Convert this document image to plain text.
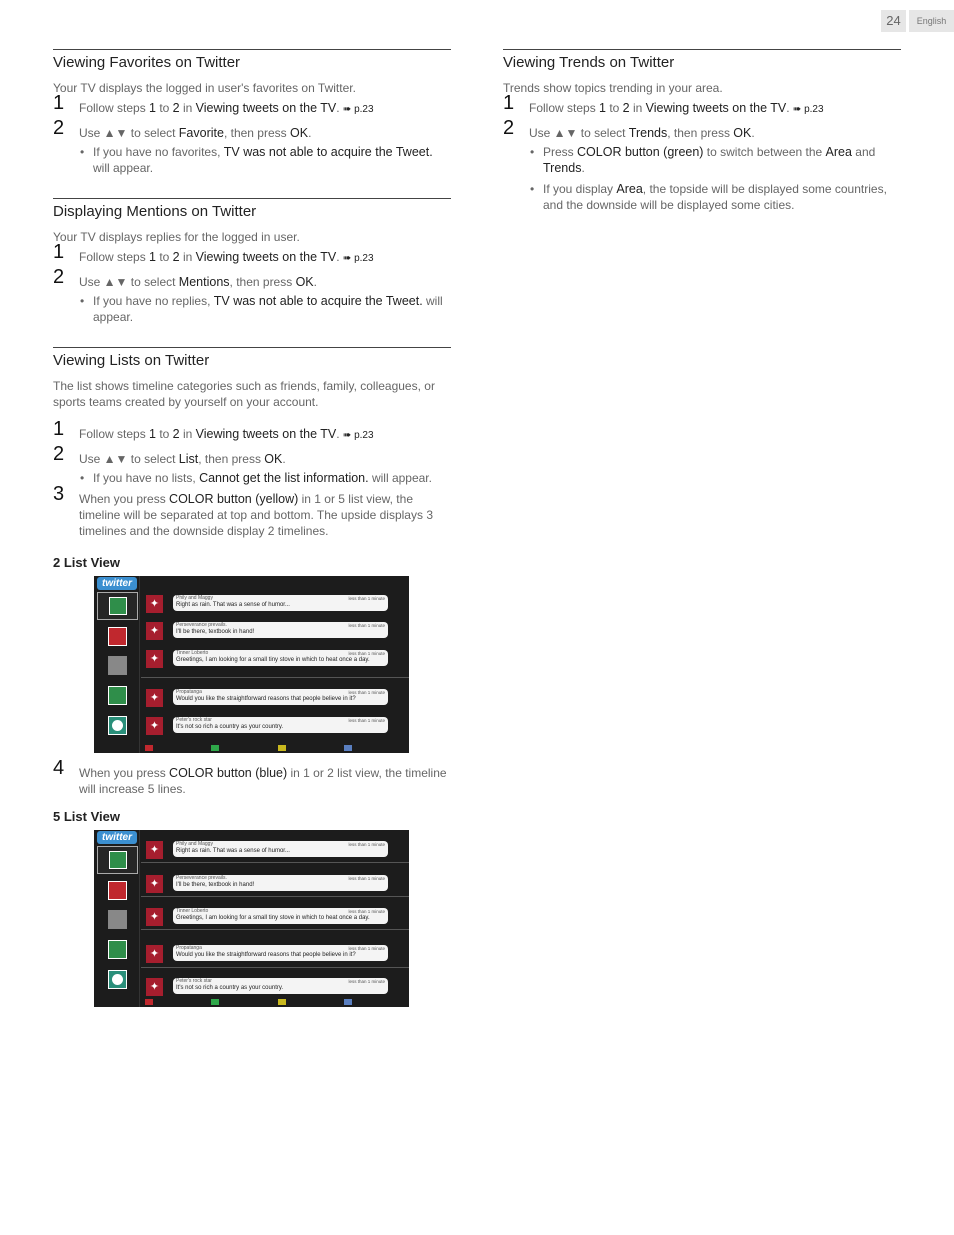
24	English
Viewing Favorites on Twitter

Your TV displays the logged in user's favorites on Twitter.

1 Follow steps 1 to 2 in Viewing tweets on the TV. ➠ p.23
2 Use ▲▼ to select Favorite, then press OK.
• If you have no favorites, TV was not able to acquire the Tweet. will appear.
Displaying Mentions on Twitter

Your TV displays replies for the logged in user.

1 Follow steps 1 to 2 in Viewing tweets on the TV. ➠ p.23
2 Use ▲▼ to select Mentions, then press OK.
• If you have no replies, TV was not able to acquire the Tweet. will appear.
Viewing Lists on Twitter

The list shows timeline categories such as friends, family, colleagues, or sports teams created by yourself on your account.

1 Follow steps 1 to 2 in Viewing tweets on the TV. ➠ p.23
2 Use ▲▼ to select List, then press OK.
• If you have no lists, Cannot get the list information. will appear.
3 When you press COLOR button (yellow) in 1 or 5 list view, the timeline will be separated at top and bottom. The upside displays 3 timelines and the downside display 2 timelines.
2 List View
twitter
✦	Phily and Maggy	less than 1 minute
Right as rain. That was a sense of humor...
✦	Perseverance prevails.	less than 1 minute
I'll be there, textbook in hand!
✦	Tinner Loberto	less than 1 minute
Greetings, I am looking for a small tiny stove in which to heat once a day.
✦	Propatanga	less than 1 minute
Would you like the straightforward reasons that people believe in it?
✦	Peter's rock star	less than 1 minute
It's not so rich a country as your country.
4 When you press COLOR button (blue) in 1 or 2 list view, the timeline will increase 5 lines.
5 List View
twitter
✦	Phily and Maggy	less than 1 minute
Right as rain. That was a sense of humor...
✦	Perseverance prevails.	less than 1 minute
I'll be there, textbook in hand!
✦	Tinner Loberto	less than 1 minute
Greetings, I am looking for a small tiny stove in which to heat once a day.
✦	Propatanga	less than 1 minute
Would you like the straightforward reasons that people believe in it?
✦	Peter's rock star	less than 1 minute
It's not so rich a country as your country.
Viewing Trends on Twitter

Trends show topics trending in your area.

1 Follow steps 1 to 2 in Viewing tweets on the TV. ➠ p.23
2 Use ▲▼ to select Trends, then press OK.
• Press COLOR button (green) to switch between the Area and Trends.
• If you display Area, the topside will be displayed some countries, and the downside will be displayed some cities.
